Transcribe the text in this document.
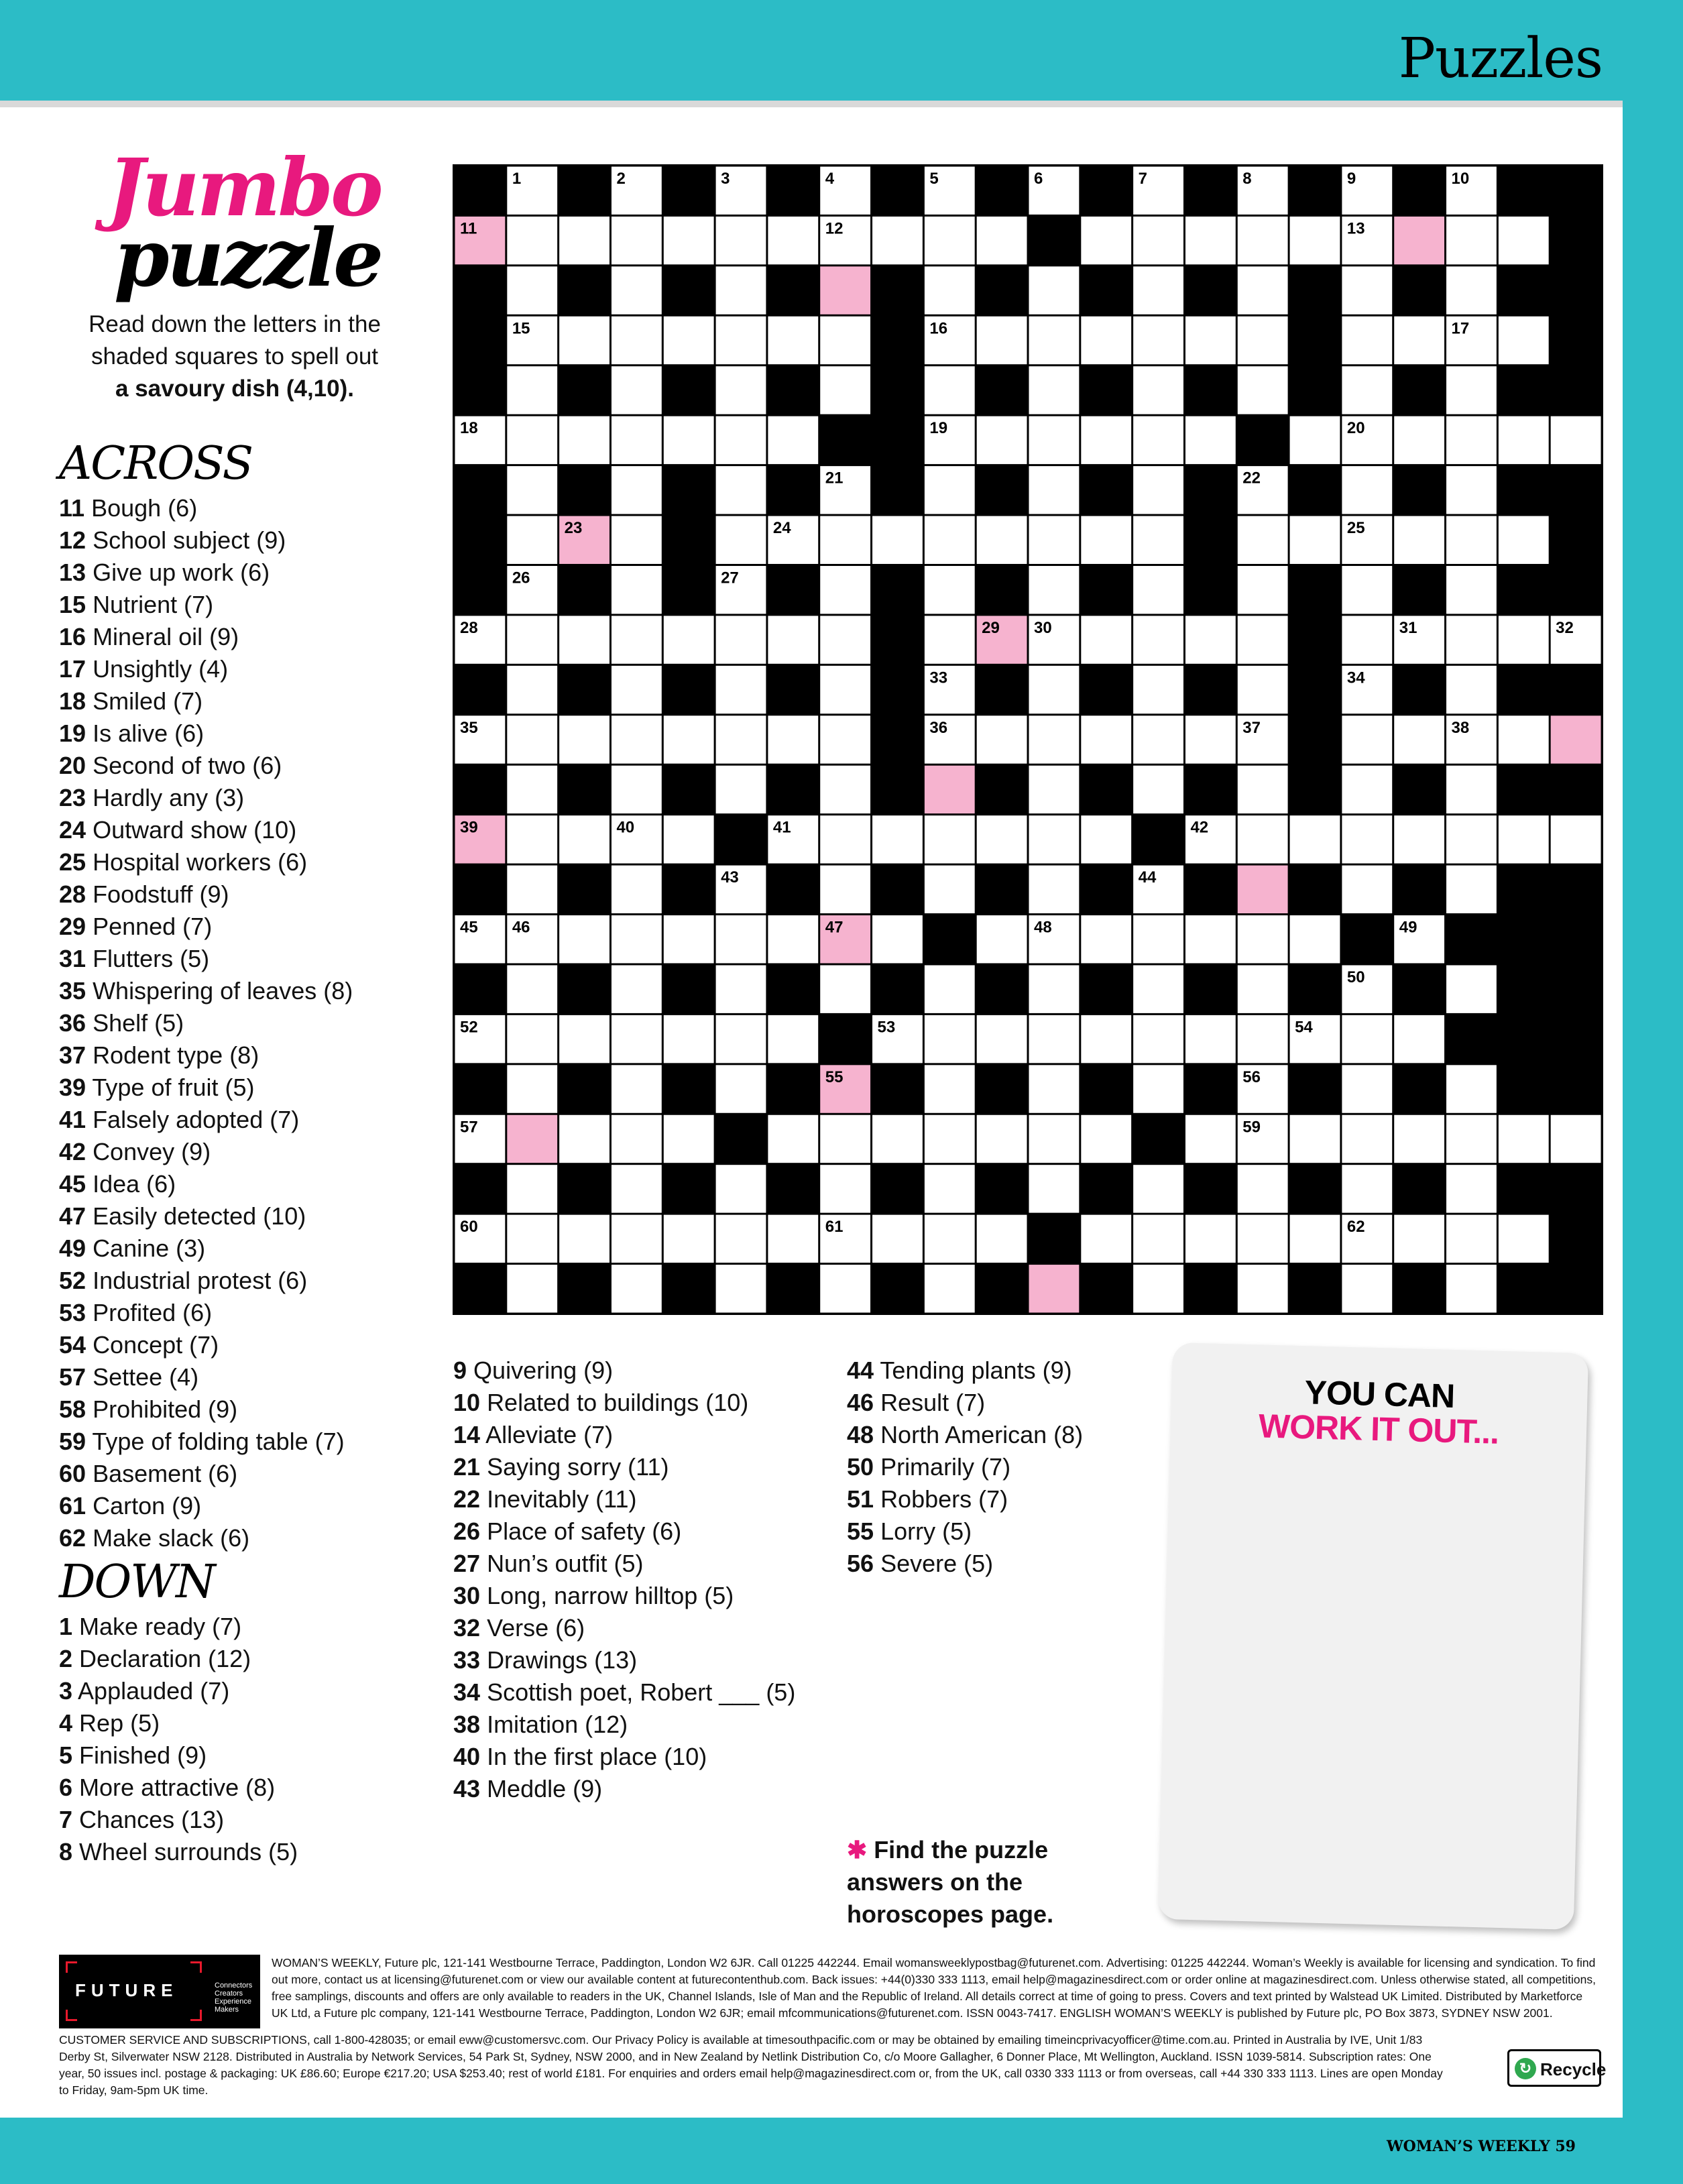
Puzzles
Jumbo
puzzle
Read down the letters in the shaded squares to spell out
a savoury dish (4,10).
ACROSS
11 Bough (6)
12 School subject (9)
13 Give up work (6)
15 Nutrient (7)
16 Mineral oil (9)
17 Unsightly (4)
18 Smiled (7)
19 Is alive (6)
20 Second of two (6)
23 Hardly any (3)
24 Outward show (10)
25 Hospital workers (6)
28 Foodstuff (9)
29 Penned (7)
31 Flutters (5)
35 Whispering of leaves (8)
36 Shelf (5)
37 Rodent type (8)
39 Type of fruit (5)
41 Falsely adopted (7)
42 Convey (9)
45 Idea (6)
47 Easily detected (10)
49 Canine (3)
52 Industrial protest (6)
53 Profited (6)
54 Concept (7)
57 Settee (4)
58 Prohibited (9)
59 Type of folding table (7)
60 Basement (6)
61 Carton (9)
62 Make slack (6)
DOWN
1 Make ready (7)
2 Declaration (12)
3 Applauded (7)
4 Rep (5)
5 Finished (9)
6 More attractive (8)
7 Chances (13)
8 Wheel surrounds (5)
9 Quivering (9)
10 Related to buildings (10)
14 Alleviate (7)
21 Saying sorry (11)
22 Inevitably (11)
26 Place of safety (6)
27 Nun’s outfit (5)
30 Long, narrow hilltop (5)
32 Verse (6)
33 Drawings (13)
34 Scottish poet, Robert ___ (5)
38 Imitation (12)
40 In the first place (10)
43 Meddle (9)
44 Tending plants (9)
46 Result (7)
48 North American (8)
50 Primarily (7)
51 Robbers (7)
55 Lorry (5)
56 Severe (5)
1	2	3	4	5	6	7	8	9	10
11	12	13	14
15	16	17
18	19	20
21	22
23	24	25
26	27
28	29 30	31	32
33	34
35	36	37	38
39	40	41	42
43	44
45 46	47	48	49
50	51
52	53	54
55	56
57	58	59
60	61	62
YOU CAN
WORK IT OUT...
✱ Find the puzzle answers on the horoscopes page.
FUTURE	Connectors Creators Experience Makers
WOMAN’S WEEKLY, Future plc, 121-141 Westbourne Terrace, Paddington, London W2 6JR. Call 01225 442244. Email womansweeklypostbag@futurenet.com. Advertising: 01225 442244. Woman’s Weekly is available for licensing and syndication. To find out more, contact us at licensing@futurenet.com or view our available content at futurecontenthub.com. Back issues: +44(0)330 333 1113, email help@magazinesdirect.com or order online at magazinesdirect.com. Unless otherwise stated, all competitions, free samplings, discounts and offers are only available to readers in the UK, Channel Islands, Isle of Man and the Republic of Ireland. All details correct at time of going to press. Covers and text printed by Walstead UK Limited. Distributed by Marketforce UK Ltd, a Future plc company, 121-141 Westbourne Terrace, Paddington, London W2 6JR; email mfcommunications@futurenet.com. ISSN 0043-7417. ENGLISH WOMAN’S WEEKLY is published by Future plc, PO Box 3873, SYDNEY NSW 2001.
CUSTOMER SERVICE AND SUBSCRIPTIONS, call 1-800-428035; or email eww@customersvc.com. Our Privacy Policy is available at timesouthpacific.com or may be obtained by emailing timeincprivacyofficer@time.com.au. Printed in Australia by IVE, Unit 1/83 Derby St, Silverwater NSW 2128. Distributed in Australia by Network Services, 54 Park St, Sydney, NSW 2000, and in New Zealand by Netlink Distribution Co, c/o Moore Gallagher, 6 Donner Place, Mt Wellington, Auckland. ISSN 1039-5814. Subscription rates: One year, 50 issues incl. postage & packaging: UK £86.60; Europe €217.20; USA $253.40; rest of world £181. For enquiries and orders email help@magazinesdirect.com or, from the UK, call 0330 333 1113 or from overseas, call +44 330 333 1113. Lines are open Monday to Friday, 9am-5pm UK time.
↻ Recycle
WOMAN’S WEEKLY 59
